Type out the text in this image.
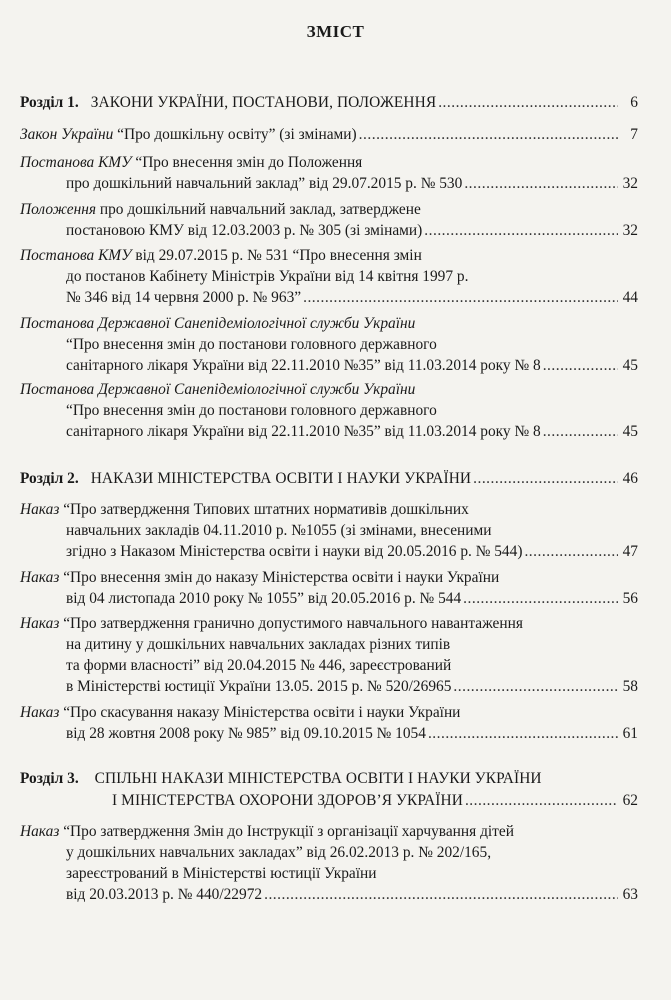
ЗМІСТ
Розділ 1. ЗАКОНИ УКРАЇНИ, ПОСТАНОВИ, ПОЛОЖЕННЯ .....	6
Закон України
“Про дошкільну освіту” (зі змінами) .....	7
Постанова КМУ “Про внесення змін до Положення
про дошкільний навчальний заклад” від 29.07.2015 р. № 530 .....	32
Положення про дошкільний навчальний заклад, затверджене
постановою КМУ від 12.03.2003 р. № 305 (зі змінами) .....	32
Постанова КМУ від 29.07.2015 р. № 531 “Про внесення змін
до постанов Кабінету Міністрів України від 14 квітня 1997 р.
№ 346 від 14 червня 2000 р. № 963” .....	44
Постанова Державної Санепідеміологічної служби України
“Про внесення змін до постанови головного державного
санітарного лікаря України від 22.11.2010 №35” від 11.03.2014 року № 8 .....	45
Постанова Державної Санепідеміологічної служби України
“Про внесення змін до постанови головного державного
санітарного лікаря України від 22.11.2010 №35” від 11.03.2014 року № 8 .....	45
Розділ 2. НАКАЗИ МІНІСТЕРСТВА ОСВІТИ І НАУКИ УКРАЇНИ .....	46
Наказ “Про затвердження Типових штатних нормативів дошкільних
навчальних закладів 04.11.2010 р. №1055 (зі змінами, внесеними
згідно з Наказом Міністерства освіти і науки від 20.05.2016 р. № 544) .....	47
Наказ “Про внесення змін до наказу Міністерства освіти і науки України
від 04 листопада 2010 року № 1055” від 20.05.2016 р. № 544 .....	56
Наказ “Про затвердження гранично допустимого навчального навантаження
на дитину у дошкільних навчальних закладах різних типів
та форми власності” від 20.04.2015 № 446, зареєстрований
в Міністерстві юстиції України 13.05. 2015 р. № 520/26965 .....	58
Наказ “Про скасування наказу Міністерства освіти і науки України
від 28 жовтня 2008 року № 985” від 09.10.2015 № 1054 .....	61
Розділ 3. СПІЛЬНІ НАКАЗИ МІНІСТЕРСТВА ОСВІТИ І НАУКИ УКРАЇНИ
І МІНІСТЕРСТВА ОХОРОНИ ЗДОРОВ’Я УКРАЇНИ .....	62
Наказ “Про затвердження Змін до Інструкції з організації харчування дітей
у дошкільних навчальних закладах” від 26.02.2013 р. № 202/165,
зареєстрований в Міністерстві юстиції України
від 20.03.2013 р. № 440/22972 .....	63
